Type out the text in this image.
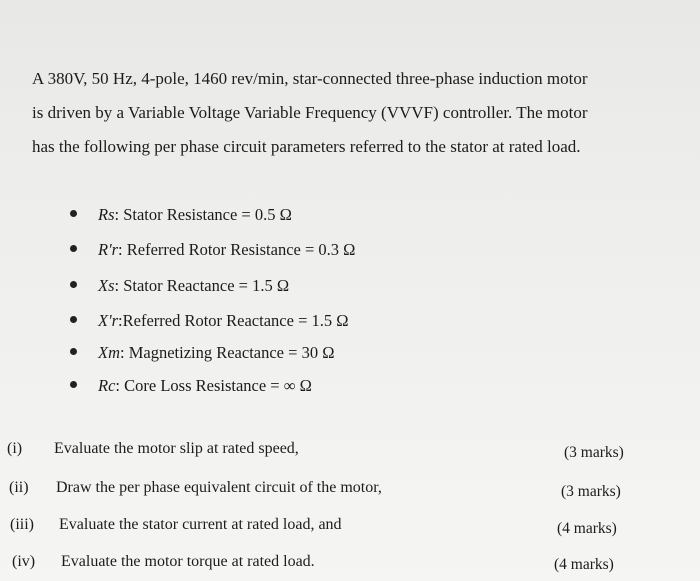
A 380V, 50 Hz, 4-pole, 1460 rev/min, star-connected three-phase induction motor
is driven by a Variable Voltage Variable Frequency (VVVF) controller. The motor
has the following per phase circuit parameters referred to the stator at rated load.
Rs : Stator Resistance = 0.5 Ω
R'r : Referred Rotor Resistance = 0.3 Ω
Xs : Stator Reactance = 1.5 Ω
X'r :Referred Rotor Reactance = 1.5 Ω
Xm : Magnetizing Reactance = 30 Ω
Rc : Core Loss Resistance = ∞ Ω
(i) Evaluate the motor slip at rated speed,	(3 marks)
(ii) Draw the per phase equivalent circuit of the motor,	(3 marks)
(iii) Evaluate the stator current at rated load, and	(4 marks)
(iv) Evaluate the motor torque at rated load.	(4 marks)
